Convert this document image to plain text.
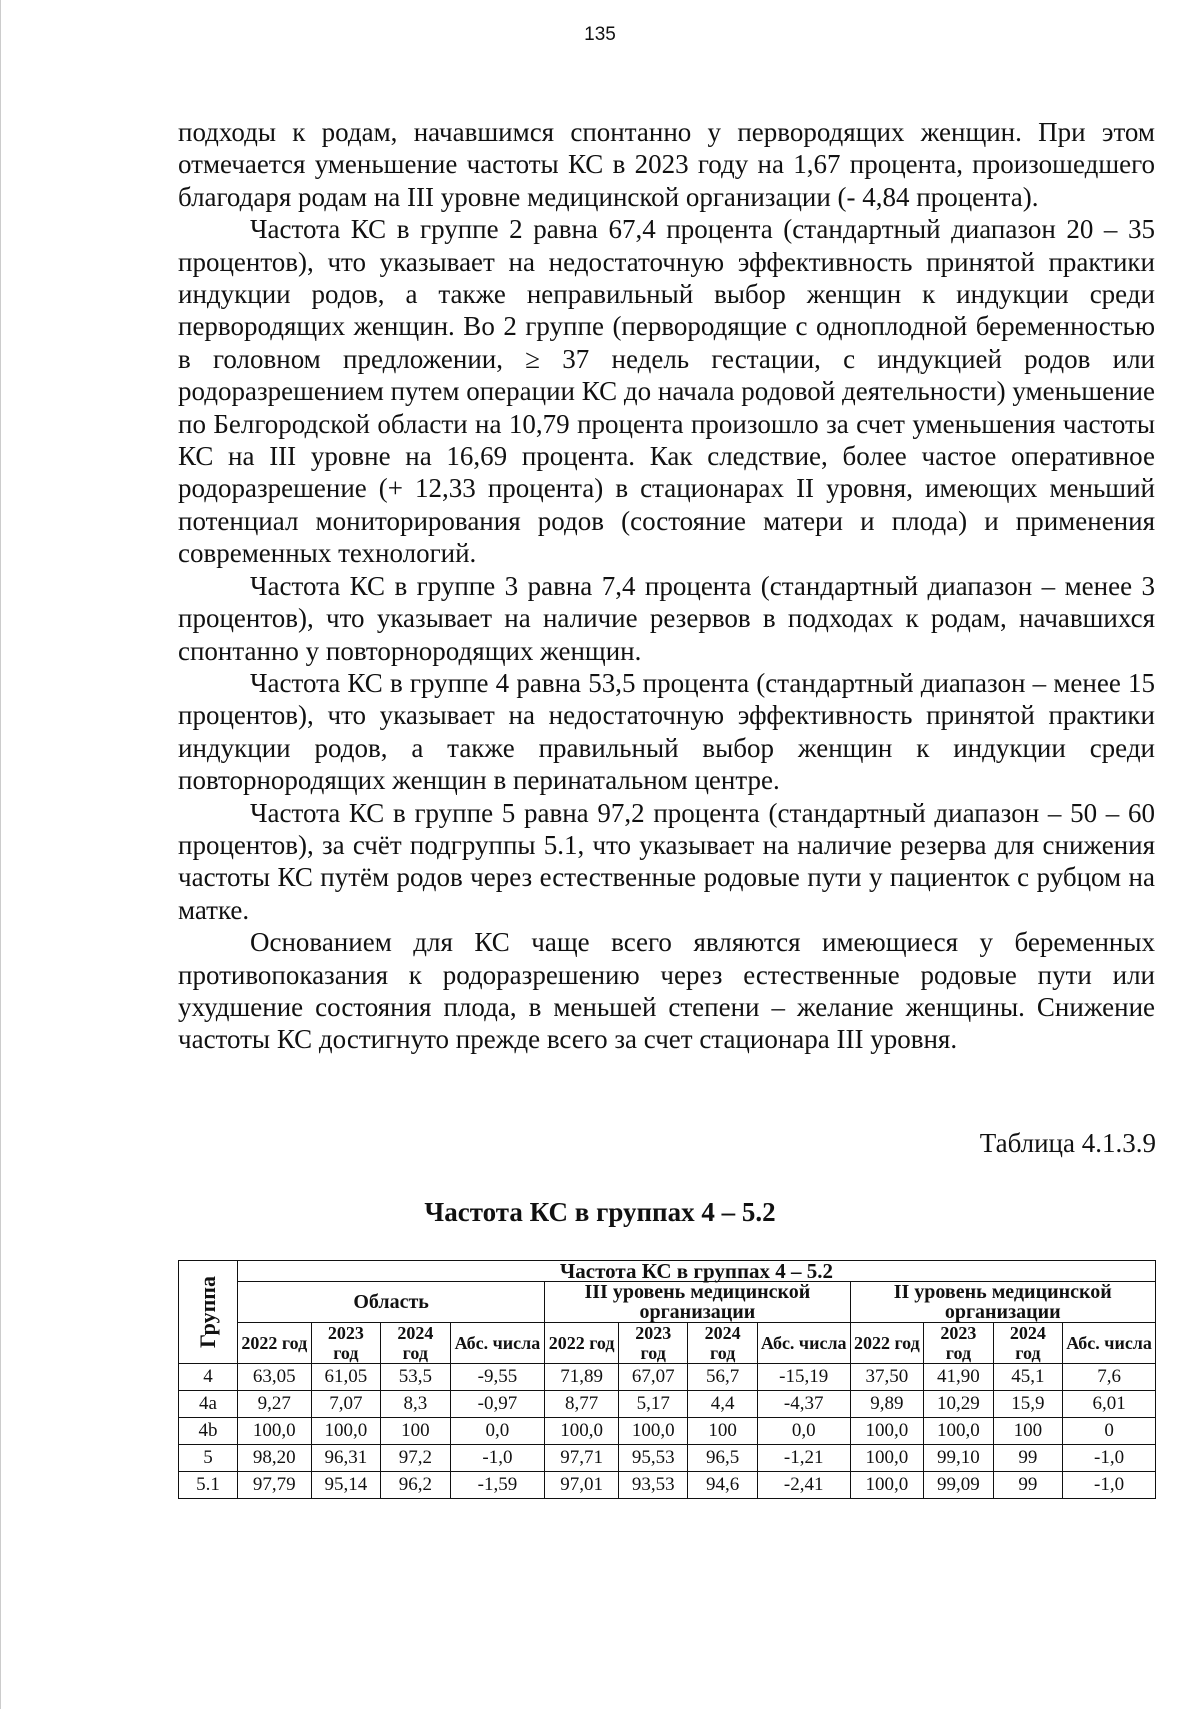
135

подходы к родам, начавшимся спонтанно у первородящих женщин. При этом отмечается уменьшение частоты КС в 2023 году на 1,67 процента, произошедшего благодаря родам на III уровне медицинской организации (- 4,84 процента).

Частота КС в группе 2 равна 67,4 процента (стандартный диапазон 20 – 35 процентов), что указывает на недостаточную эффективность принятой практики индукции родов, а также неправильный выбор женщин к индукции среди первородящих женщин. Во 2 группе (первородящие с одноплодной беременностью в головном предложении, ≥ 37 недель гестации, с индукцией родов или родоразрешением путем операции КС до начала родовой деятельности) уменьшение по Белгородской области на 10,79 процента произошло за счет уменьшения частоты КС на III уровне на 16,69 процента. Как следствие, более частое оперативное родоразрешение (+ 12,33 процента) в стационарах II уровня, имеющих меньший потенциал мониторирования родов (состояние матери и плода) и применения современных технологий.

Частота КС в группе 3 равна 7,4 процента (стандартный диапазон – менее 3 процентов), что указывает на наличие резервов в подходах к родам, начавшихся спонтанно у повторнородящих женщин.

Частота КС в группе 4 равна 53,5 процента (стандартный диапазон – менее 15 процентов), что указывает на недостаточную эффективность принятой практики индукции родов, а также правильный выбор женщин к индукции среди повторнородящих женщин в перинатальном центре.

Частота КС в группе 5 равна 97,2 процента (стандартный диапазон – 50 – 60 процентов), за счёт подгруппы 5.1, что указывает на наличие резерва для снижения частоты КС путём родов через естественные родовые пути у пациенток с рубцом на матке.

Основанием для КС чаще всего являются имеющиеся у беременных противопоказания к родоразрешению через естественные родовые пути или ухудшение состояния плода, в меньшей степени – желание женщины. Снижение частоты КС достигнуто прежде всего за счет стационара III уровня.

Таблица 4.1.3.9
Частота КС в группах 4 – 5.2
Группа	Частота КС в группах 4 – 5.2											
	Область				III уровень медицинской организации				II уровень медицинской организации			
	2022 год	2023 год	2024 год	Абс. числа	2022 год	2023 год	2024 год	Абс. числа	2022 год	2023 год	2024 год	Абс. числа
4	63,05	61,05	53,5	-9,55	71,89	67,07	56,7	-15,19	37,50	41,90	45,1	7,6
4a	9,27	7,07	8,3	-0,97	8,77	5,17	4,4	-4,37	9,89	10,29	15,9	6,01
4b	100,0	100,0	100	0,0	100,0	100,0	100	0,0	100,0	100,0	100	0
5	98,20	96,31	97,2	-1,0	97,71	95,53	96,5	-1,21	100,0	99,10	99	-1,0
5.1	97,79	95,14	96,2	-1,59	97,01	93,53	94,6	-2,41	100,0	99,09	99	-1,0
